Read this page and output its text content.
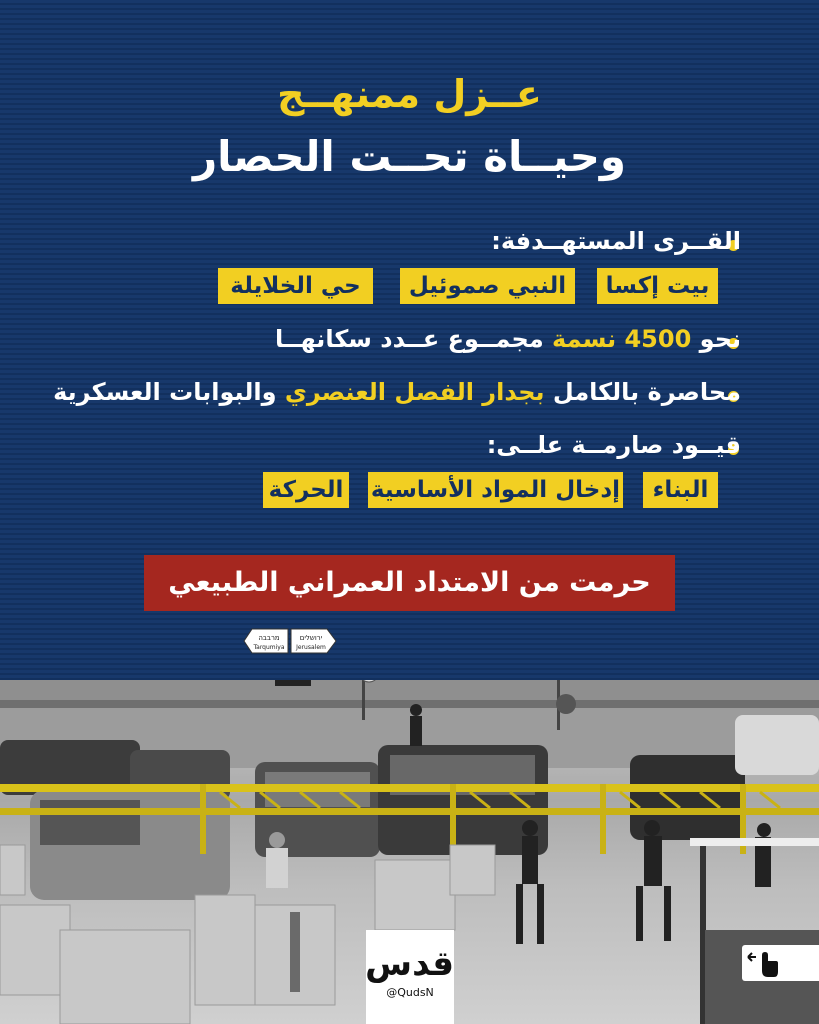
عــزل ممنهــج
وحيــاة تحــت الحصار
القــرى المستهــدفة:
بيت إكسا
النبي صموئيل
حي الخلايلة
نحو 4500 نسمة مجمــوع عــدد سكانهــا
محاصرة بالكامل بجدار الفصل العنصري والبوابات العسكرية
قيــود صارمــة علــى:
البناء
إدخال المواد الأساسية
الحركة
حرمت من الامتداد العمراني الطبيعي
מרבבה
Tarqumiya
ירושלים
Jerusalem
قدس
@QudsN
